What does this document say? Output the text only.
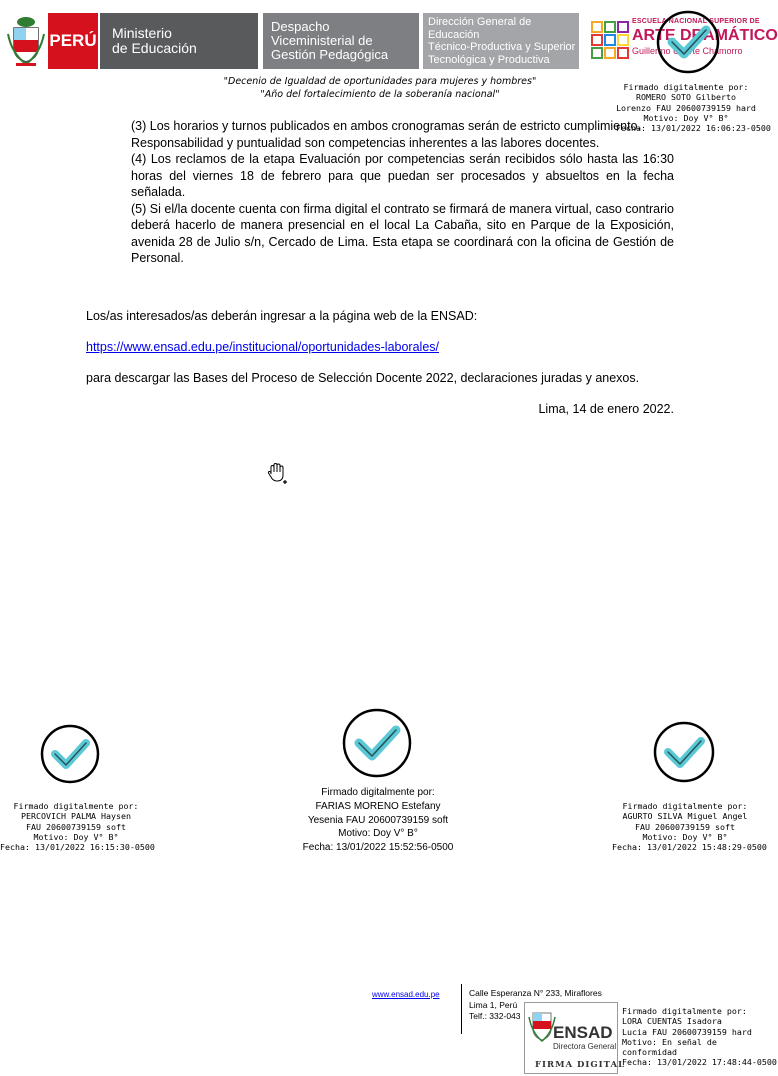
PERÚ Ministerio
de Educación
Despacho
Viceministerial de
Gestión Pedagógica
Dirección General de Educación
Técnico-Productiva y Superior
Tecnológica y Productiva
ESCUELA NACIONAL SUPERIOR DE
ARTE DRAMÁTICO
Guillermo Ugarte Chamorro
"Decenio de Igualdad de oportunidades para mujeres y hombres"
"Año del fortalecimiento de la soberanía nacional"
Firmado digitalmente por:
ROMERO SOTO Gilberto
Lorenzo FAU 20600739159 hard
Motivo: Doy V° B°
Fecha: 13/01/2022 16:06:23-0500

(3) Los horarios y turnos publicados en ambos cronogramas serán de estricto cumplimiento.

Responsabilidad y puntualidad son competencias inherentes a las labores docentes.

(4) Los reclamos de la etapa Evaluación por competencias serán recibidos sólo hasta las 16:30 horas del viernes 18 de febrero para que puedan ser procesados y absueltos en la fecha señalada.

(5) Si el/la docente cuenta con firma digital el contrato se firmará de manera virtual, caso contrario deberá hacerlo de manera presencial en el local La Cabaña, sito en Parque de la Exposición, avenida 28 de Julio s/n, Cercado de Lima. Esta etapa se coordinará con la oficina de Gestión de Personal.

Los/as interesados/as deberán ingresar a la página web de la ENSAD:
https://www.ensad.edu.pe/institucional/oportunidades-laborales/
para descargar las Bases del Proceso de Selección Docente 2022, declaraciones juradas y anexos.
Lima, 14 de enero 2022.
Firmado digitalmente por:
PERCOVICH PALMA Haysen
FAU 20600739159 soft
Motivo: Doy V° B°
Fecha: 13/01/2022 16:15:30-0500
Firmado digitalmente por:
FARIAS MORENO Estefany
Yesenia FAU 20600739159 soft
Motivo: Doy V° B°
Fecha: 13/01/2022 15:52:56-0500
Firmado digitalmente por:
AGURTO SILVA Miguel Angel
FAU 20600739159 soft
Motivo: Doy V° B°
Fecha: 13/01/2022 15:48:29-0500
www.ensad.edu.pe	Calle Esperanza N° 233, Miraflores
Lima 1, Perú
Telf.: 332-043
ENSAD
Directora General
FIRMA DIGITAL
Firmado digitalmente por:
LORA CUENTAS Isadora
Lucia FAU 20600739159 hard
Motivo: En señal de
conformidad
Fecha: 13/01/2022 17:48:44-0500
